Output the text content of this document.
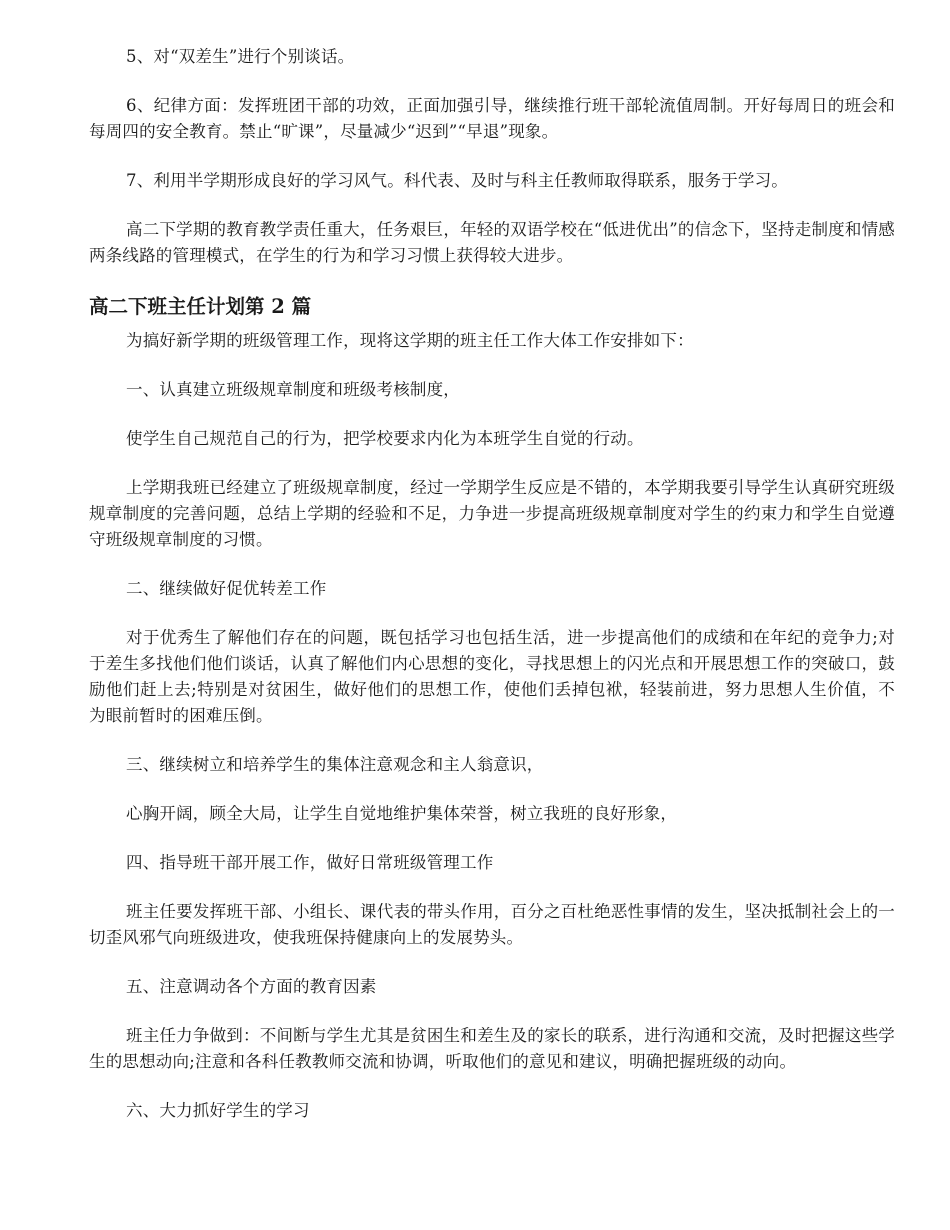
5、对“双差生”进行个别谈话。

6、纪律方面：发挥班团干部的功效，正面加强引导，继续推行班干部轮流值周制。开好每周日的班会和每周四的安全教育。禁止“旷课”，尽量减少“迟到”“早退”现象。

7、利用半学期形成良好的学习风气。科代表、及时与科主任教师取得联系，服务于学习。

高二下学期的教育教学责任重大，任务艰巨，年轻的双语学校在“低进优出”的信念下，坚持走制度和情感两条线路的管理模式，在学生的行为和学习习惯上获得较大进步。

高二下班主任计划第 2 篇

为搞好新学期的班级管理工作，现将这学期的班主任工作大体工作安排如下：

一、认真建立班级规章制度和班级考核制度，

使学生自己规范自己的行为，把学校要求内化为本班学生自觉的行动。

上学期我班已经建立了班级规章制度，经过一学期学生反应是不错的，本学期我要引导学生认真研究班级规章制度的完善问题，总结上学期的经验和不足，力争进一步提高班级规章制度对学生的约束力和学生自觉遵守班级规章制度的习惯。

二、继续做好促优转差工作

对于优秀生了解他们存在的问题，既包括学习也包括生活，进一步提高他们的成绩和在年纪的竞争力;对于差生多找他们他们谈话，认真了解他们内心思想的变化，寻找思想上的闪光点和开展思想工作的突破口，鼓励他们赶上去;特别是对贫困生，做好他们的思想工作，使他们丢掉包袱，轻装前进，努力思想人生价值，不为眼前暂时的困难压倒。

三、继续树立和培养学生的集体注意观念和主人翁意识，

心胸开阔，顾全大局，让学生自觉地维护集体荣誉，树立我班的良好形象，

四、指导班干部开展工作，做好日常班级管理工作

班主任要发挥班干部、小组长、课代表的带头作用，百分之百杜绝恶性事情的发生，坚决抵制社会上的一切歪风邪气向班级进攻，使我班保持健康向上的发展势头。

五、注意调动各个方面的教育因素

班主任力争做到：不间断与学生尤其是贫困生和差生及的家长的联系，进行沟通和交流，及时把握这些学生的思想动向;注意和各科任教教师交流和协调，听取他们的意见和建议，明确把握班级的动向。

六、大力抓好学生的学习
